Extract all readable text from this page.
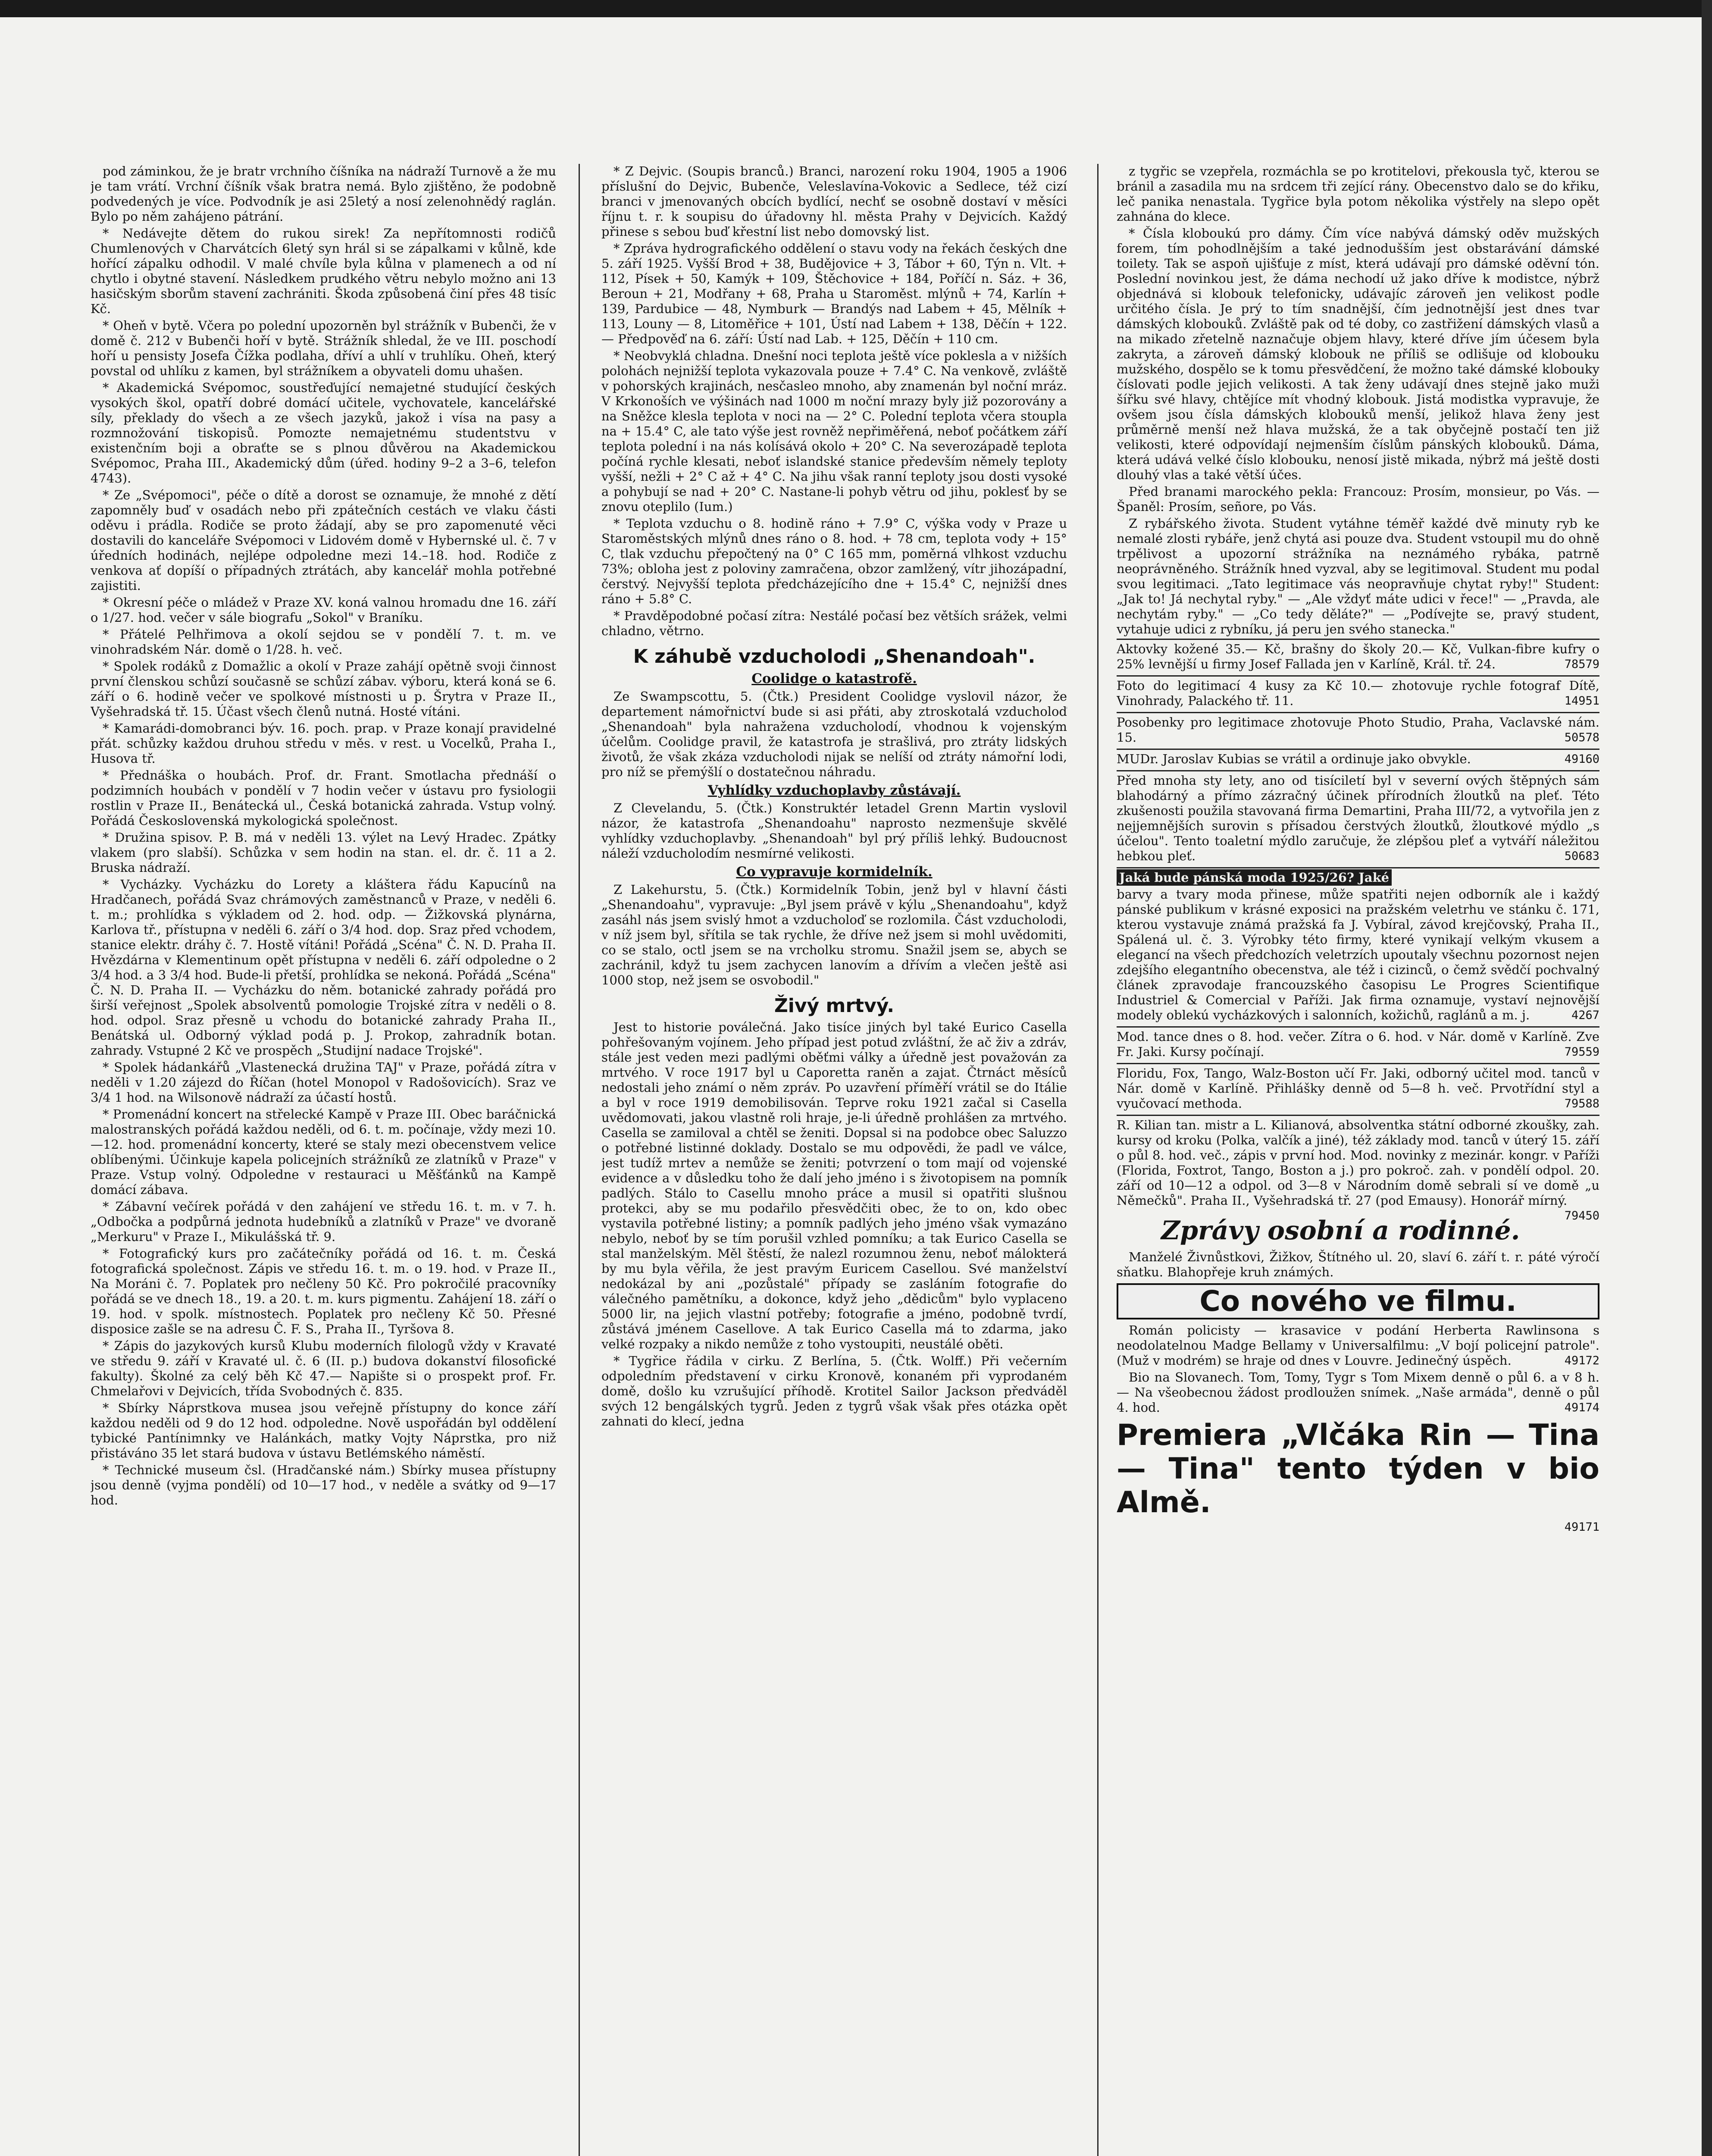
pod záminkou, že je bratr vrchního číšníka na nádraží Turnově a že mu je tam vrátí. Vrchní číšník však bratra nemá. Bylo zjištěno, že podobně podvedených je více. Podvodník je asi 25letý a nosí zelenohnědý raglán. Bylo po něm zahájeno pátrání.

* Nedávejte dětem do rukou sirek! Za nepřítomnosti rodičů Chumlenových v Charvátcích 6letý syn hrál si se zápalkami v kůlně, kde hořící zápalku odhodil. V malé chvíle byla kůlna v plamenech a od ní chytlo i obytné stavení. Následkem prudkého větru nebylo možno ani 13 hasičským sborům stavení zachrániti. Škoda způsobená činí přes 48 tisíc Kč.

* Oheň v bytě. Včera po polední upozorněn byl strážník v Bubenči, že v domě č. 212 v Bubenči hoří v bytě. Strážník shledal, že ve III. poschodí hoří u pensisty Josefa Čížka podlaha, dříví a uhlí v truhlíku. Oheň, který povstal od uhlíku z kamen, byl strážníkem a obyvateli domu uhašen.

* Akademická Svépomoc, soustřeďující nemajetné studující českých vysokých škol, opatří dobré domácí učitele, vychovatele, kancelářské síly, překlady do všech a ze všech jazyků, jakož i vísa na pasy a rozmnožování tiskopisů. Pomozte nemajetnému studentstvu v existenčním boji a obraťte se s plnou důvěrou na Akademickou Svépomoc, Praha III., Akademický dům (úřed. hodiny 9–2 a 3–6, telefon 4743).

* Ze „Svépomoci", péče o dítě a dorost se oznamuje, že mnohé z dětí zapomněly buď v osadách nebo při zpátečních cestách ve vlaku části oděvu i prádla. Rodiče se proto žádají, aby se pro zapomenuté věci dostavili do kanceláře Svépomoci v Lidovém domě v Hybernské ul. č. 7 v úředních hodinách, nejlépe odpoledne mezi 14.–18. hod. Rodiče z venkova ať dopíší o případných ztrátách, aby kancelář mohla potřebné zajistiti.

* Okresní péče o mládež v Praze XV. koná valnou hromadu dne 16. září o 1/27. hod. večer v sále biografu „Sokol" v Braníku.

* Přátelé Pelhřimova a okolí sejdou se v pondělí 7. t. m. ve vinohradském Nár. domě o 1/28. h. več.

* Spolek rodáků z Domažlic a okolí v Praze zahájí opětně svoji činnost první členskou schůzí současně se schůzí zábav. výboru, která koná se 6. září o 6. hodině večer ve spolkové místnosti u p. Šrytra v Praze II., Vyšehradská tř. 15. Účast všech členů nutná. Hosté vítáni.

* Kamarádi-domobranci býv. 16. poch. prap. v Praze konají pravidelné přát. schůzky každou druhou středu v měs. v rest. u Vocelků, Praha I., Husova tř.

* Přednáška o houbách. Prof. dr. Frant. Smotlacha přednáší o podzimních houbách v pondělí v 7 hodin večer v ústavu pro fysiologii rostlin v Praze II., Benátecká ul., Česká botanická zahrada. Vstup volný. Pořádá Československá mykologická společnost.

* Družina spisov. P. B. má v neděli 13. výlet na Levý Hradec. Zpátky vlakem (pro slabší). Schůzka v sem hodin na stan. el. dr. č. 11 a 2. Bruska nádraží.

* Vycházky. Vycházku do Lorety a kláštera řádu Kapucínů na Hradčanech, pořádá Svaz chrámových zaměstnanců v Praze, v neděli 6. t. m.; prohlídka s výkladem od 2. hod. odp. — Žižkovská plynárna, Karlova tř., přístupna v neděli 6. září o 3/4 hod. dop. Sraz před vchodem, stanice elektr. dráhy č. 7. Hostě vítáni! Pořádá „Scéna" Č. N. D. Praha II. Hvězdárna v Klementinum opět přístupna v neděli 6. září odpoledne o 2 3/4 hod. a 3 3/4 hod. Bude-li přetší, prohlídka se nekoná. Pořádá „Scéna" Č. N. D. Praha II. — Vycházku do něm. botanické zahrady pořádá pro širší veřejnost „Spolek absolventů pomologie Trojské zítra v neděli o 8. hod. odpol. Sraz přesně u vchodu do botanické zahrady Praha II., Benátská ul. Odborný výklad podá p. J. Prokop, zahradník botan. zahrady. Vstupné 2 Kč ve prospěch „Studijní nadace Trojské".

* Spolek hádankářů „Vlastenecká družina TAJ" v Praze, pořádá zítra v neděli v 1.20 zájezd do Říčan (hotel Monopol v Radošovicích). Sraz ve 3/4 1 hod. na Wilsonově nádraží za účastí hostů.

* Promenádní koncert na střelecké Kampě v Praze III. Obec baráčnická malostranských pořádá každou neděli, od 6. t. m. počínaje, vždy mezi 10.—12. hod. promenádní koncerty, které se staly mezi obecenstvem velice oblíbenými. Účinkuje kapela policejních strážníků ze zlatníků v Praze" v Praze. Vstup volný. Odpoledne v restauraci u Měšťánků na Kampě domácí zábava.

* Zábavní večírek pořádá v den zahájení ve středu 16. t. m. v 7. h. „Odbočka a podpůrná jednota hudebníků a zlatníků v Praze" ve dvoraně „Merkuru" v Praze I., Mikulášská tř. 9.

* Fotografický kurs pro začátečníky pořádá od 16. t. m. Česká fotografická společnost. Zápis ve středu 16. t. m. o 19. hod. v Praze II., Na Moráni č. 7. Poplatek pro nečleny 50 Kč. Pro pokročilé pracovníky pořádá se ve dnech 18., 19. a 20. t. m. kurs pigmentu. Zahájení 18. září o 19. hod. v spolk. místnostech. Poplatek pro nečleny Kč 50. Přesné disposice zašle se na adresu Č. F. S., Praha II., Tyršova 8.

* Zápis do jazykových kursů Klubu moderních filologů vždy v Kravaté ve středu 9. září v Kravaté ul. č. 6 (II. p.) budova dokanství filosofické fakulty). Školné za celý běh Kč 47.— Napište si o prospekt prof. Fr. Chmelařovi v Dejvicích, třída Svobodných č. 835.

* Sbírky Náprstkova musea jsou veřejně přístupny do konce září každou neděli od 9 do 12 hod. odpoledne. Nově uspořádán byl oddělení tybické Pantínimnky ve Halánkách, matky Vojty Náprstka, pro niž přistáváno 35 let stará budova v ústavu Betlémského náměstí.

* Technické museum čsl. (Hradčanské nám.) Sbírky musea přístupny jsou denně (vyjma pondělí) od 10—17 hod., v neděle a svátky od 9—17 hod.

* Z Dejvic. (Soupis branců.) Branci, narození roku 1904, 1905 a 1906 příslušní do Dejvic, Bubenče, Veleslavína-Vokovic a Sedlece, též cizí branci v jmenovaných obcích bydlící, nechť se osobně dostaví v měsíci říjnu t. r. k soupisu do úřadovny hl. města Prahy v Dejvicích. Každý přinese s sebou buď křestní list nebo domovský list.

* Zpráva hydrografického oddělení o stavu vody na řekách českých dne 5. září 1925. Vyšší Brod + 38, Budějovice + 3, Tábor + 60, Týn n. Vlt. + 112, Písek + 50, Kamýk + 109, Štěchovice + 184, Poříčí n. Sáz. + 36, Beroun + 21, Modřany + 68, Praha u Staroměst. mlýnů + 74, Karlín + 139, Pardubice — 48, Nymburk — Brandýs nad Labem + 45, Mělník + 113, Louny — 8, Litoměřice + 101, Ústí nad Labem + 138, Děčín + 122. — Předpověď na 6. září: Ústí nad Lab. + 125, Děčín + 110 cm.

* Neobvyklá chladna. Dnešní noci teplota ještě více poklesla a v nižších polohách nejnižší teplota vykazovala pouze + 7.4° C. Na venkově, zvláště v pohorských krajinách, nesčasleo mnoho, aby znamenán byl noční mráz. V Krkonoších ve výšinách nad 1000 m noční mrazy byly již pozorovány a na Sněžce klesla teplota v noci na — 2° C. Polední teplota včera stoupla na + 15.4° C, ale tato výše jest rovněž nepřiměřená, neboť počátkem září teplota polední i na nás kolísává okolo + 20° C. Na severozápadě teplota počíná rychle klesati, neboť islandské stanice především němely teploty vyšší, nežli + 2° C až + 4° C. Na jihu však ranní teploty jsou dosti vysoké a pohybují se nad + 20° C. Nastane-li pohyb větru od jihu, poklesť by se znovu oteplilo (Ium.)

* Teplota vzduchu o 8. hodině ráno + 7.9° C, výška vody v Praze u Staroměstských mlýnů dnes ráno o 8. hod. + 78 cm, teplota vody + 15° C, tlak vzduchu přepočtený na 0° C 165 mm, poměrná vlhkost vzduchu 73%; obloha jest z poloviny zamračena, obzor zamlžený, vítr jihozápadní, čerstvý. Nejvyšší teplota předcházejícího dne + 15.4° C, nejnižší dnes ráno + 5.8° C.

* Pravděpodobné počasí zítra: Nestálé počasí bez větších srážek, velmi chladno, větrno.

K záhubě vzducholodi „Shenandoah".
Coolidge o katastrofě.

Ze Swampscottu, 5. (Čtk.) President Coolidge vyslovil názor, že departement námořnictví bude si asi přáti, aby ztroskotalá vzducholoď „Shenandoah" byla nahražena vzducholodí, vhodnou k vojenským účelům. Coolidge pravil, že katastrofa je strašlivá, pro ztráty lidských životů, že však zkáza vzducholodi nijak se nelíší od ztráty námořní lodi, pro níž se přemýšlí o dostatečnou náhradu.

Vyhlídky vzduchoplavby zůstávají.

Z Clevelandu, 5. (Čtk.) Konstruktér letadel Grenn Martin vyslovil názor, že katastrofa „Shenandoahu" naprosto nezmenšuje skvělé vyhlídky vzduchoplavby. „Shenandoah" byl prý příliš lehký. Budoucnost náleží vzducholodím nesmírné velikosti.

Co vypravuje kormidelník.

Z Lakehurstu, 5. (Čtk.) Kormidelník Tobin, jenž byl v hlavní části „Shenandoahu", vypravuje: „Byl jsem právě v kýlu „Shenandoahu", když zasáhl nás jsem svislý hmot a vzducholoď se rozlomila. Část vzducholodi, v níž jsem byl, sřítila se tak rychle, že dříve než jsem si mohl uvědomiti, co se stalo, octl jsem se na vrcholku stromu. Snažil jsem se, abych se zachránil, když tu jsem zachycen lanovím a dřívím a vlečen ještě asi 1000 stop, než jsem se osvobodil."

Živý mrtvý.

Jest to historie poválečná. Jako tisíce jiných byl také Eurico Casella pohřešovaným vojínem. Jeho případ jest potud zvláštní, že ač živ a zdráv, stále jest veden mezi padlými oběťmi války a úředně jest považován za mrtvého. V roce 1917 byl u Caporetta raněn a zajat. Čtrnáct měsíců nedostali jeho známí o něm zpráv. Po uzavření příměří vrátil se do Itálie a byl v roce 1919 demobilisován. Teprve roku 1921 začal si Casella uvědomovati, jakou vlastně roli hraje, je-li úředně prohlášen za mrtvého. Casella se zamiloval a chtěl se ženiti. Dopsal si na podobce obec Saluzzo o potřebné listinné doklady. Dostalo se mu odpovědi, že padl ve válce, jest tudíž mrtev a nemůže se ženiti; potvrzení o tom mají od vojenské evidence a v důsledku toho že dalí jeho jméno i s životopisem na pomník padlých. Stálo to Casellu mnoho práce a musil si opatřiti slušnou protekci, aby se mu podařilo přesvědčiti obec, že to on, kdo obec vystavila potřebné listiny; a pomník padlých jeho jméno však vymazáno nebylo, neboť by se tím porušil vzhled pomníku; a tak Eurico Casella se stal manželským. Měl štěstí, že nalezl rozumnou ženu, neboť málokterá by mu byla věřila, že jest pravým Euricem Casellou. Své manželství nedokázal by ani „pozůstalé" případy se zasláním fotografie do válečného pamětníku, a dokonce, když jeho „dědicům" bylo vyplaceno 5000 lir, na jejich vlastní potřeby; fotografie a jméno, podobně tvrdí, zůstává jménem Casellove. A tak Eurico Casella má to zdarma, jako velké rozpaky a nikdo nemůže z toho vystoupiti, neustálé oběti.

* Tygřice řádila v cirku. Z Berlína, 5. (Čtk. Wolff.) Při večerním odpoledním představení v cirku Kronově, konaném při vyprodaném domě, došlo ku vzrušující příhodě. Krotitel Sailor Jackson předváděl svých 12 bengálských tygrů. Jeden z tygrů však však přes otázka opět zahnati do klecí, jedna

z tygřic se vzepřela, rozmáchla se po krotitelovi, překousla tyč, kterou se bránil a zasadila mu na srdcem tři zející rány. Obecenstvo dalo se do křiku, leč panika nenastala. Tygřice byla potom několika výstřely na slepo opět zahnána do klece.

* Čísla kloboukú pro dámy. Čím více nabývá dámský oděv mužských forem, tím pohodlnějším a také jednodušším jest obstarávání dámské toilety. Tak se aspoň ujišťuje z míst, která udávají pro dámské oděvní tón. Poslední novinkou jest, že dáma nechodí už jako dříve k modistce, nýbrž objednává si klobouk telefonicky, udávajíc zároveň jen velikost podle určitého čísla. Je prý to tím snadnější, čím jednotnější jest dnes tvar dámských klobouků. Zvláště pak od té doby, co zastřižení dámských vlasů a na mikado zřetelně naznačuje objem hlavy, které dříve jím účesem byla zakryta, a zároveň dámský klobouk ne příliš se odlišuje od klobouku mužského, dospělo se k tomu přesvědčení, že možno také dámské klobouky číslovati podle jejich velikosti. A tak ženy udávají dnes stejně jako muži šířku své hlavy, chtějíce mít vhodný klobouk. Jistá modistka vypravuje, že ovšem jsou čísla dámských klobouků menší, jelikož hlava ženy jest průměrně menší než hlava mužská, že a tak obyčejně postačí ten již velikosti, které odpovídají nejmenším číslům pánských klobouků. Dáma, která udává velké číslo klobouku, nenosí jistě mikada, nýbrž má ještě dosti dlouhý vlas a také větší účes.

Před branami marockého pekla: Francouz: Prosím, monsieur, po Vás. — Španěl: Prosím, señore, po Vás.

Z rybářského života. Student vytáhne téměř každé dvě minuty ryb ke nemalé zlosti rybáře, jenž chytá asi pouze dva. Student vstoupil mu do ohně trpělivost a upozorní strážníka na neznámého rybáka, patrně neoprávněného. Strážník hned vyzval, aby se legitimoval. Student mu podal svou legitimaci. „Tato legitimace vás neopravňuje chytat ryby!" Student: „Jak to! Já nechytal ryby." — „Ale vždyť máte udici v řece!" — „Pravda, ale nechytám ryby." — „Co tedy děláte?" — „Podívejte se, pravý student, vytahuje udici z rybníku, já peru jen svého stanecka."

Aktovky kožené 35.— Kč, brašny do školy 20.— Kč, Vulkan-fibre kufry o 25% levnější u firmy Josef Fallada jen v Karlíně, Král. tř. 24.	78579

Foto do legitimací 4 kusy za Kč 10.— zhotovuje rychle fotograf Dítě, Vinohrady, Palackého tř. 11.	14951

Posobenky pro legitimace zhotovuje Photo Studio, Praha, Vaclavské nám. 15.	50578

MUDr. Jaroslav Kubias se vrátil a ordinuje jako obvykle.	49160

Před mnoha sty lety, ano od tisíciletí byl v severní ových štěpných sám blahodárný a přímo zázračný účinek přírodních žloutků na pleť. Této zkušenosti použila stavovaná firma Demartini, Praha III/72, a vytvořila jen z nejjemnějších surovin s přísadou čerstvých žloutků, žloutkové mýdlo „s účelou". Tento toaletní mýdlo zaručuje, že zlépšou pleť a vytváří náležitou hebkou pleť.	50683

Jaká bude pánská moda 1925/26? Jaké

barvy a tvary moda přinese, může spatřiti nejen odborník ale i každý pánské publikum v krásné exposici na pražském veletrhu ve stánku č. 171, kterou vystavuje známá pražská fa J. Vybíral, závod krejčovský, Praha II., Spálená ul. č. 3. Výrobky této firmy, které vynikají velkým vkusem a elegancí na všech předchozích veletrzích upoutaly všechnu pozornost nejen zdejšího elegantního obecenstva, ale též i cizinců, o čemž svědčí pochvalný článek zpravodaje francouzského časopisu Le Progres Scientifique Industriel & Comercial v Paříži. Jak firma oznamuje, vystaví nejnovější modely oblekú vycházkových i salonních, kožichů, raglánů a m. j.	4267

Mod. tance dnes o 8. hod. večer. Zítra o 6. hod. v Nár. domě v Karlíně. Zve Fr. Jaki. Kursy počínají.	79559

Floridu, Fox, Tango, Walz-Boston učí Fr. Jaki, odborný učitel mod. tanců v Nár. domě v Karlíně. Přihlášky denně od 5—8 h. več. Prvotřídní styl a vyučovací methoda.	79588

R. Kilian tan. mistr a L. Kilianová, absolventka státní odborné zkoušky, zah. kursy od kroku (Polka, valčík a jiné), též základy mod. tanců v úterý 15. září o půl 8. hod. več., zápis v první hod. Mod. novinky z mezinár. kongr. v Paříži (Florida, Foxtrot, Tango, Boston a j.) pro pokroč. zah. v pondělí odpol. 20. září od 10—12 a odpol. od 3—8 v Národním domě sebrali sí ve domě „u Němečků". Praha II., Vyšehradská tř. 27 (pod Emausy). Honorář mírný.
79450

Zprávy osobní a rodinné.

Manželé Živnůstkovi, Žižkov, Štítného ul. 20, slaví 6. září t. r. páté výročí sňatku. Blahopřeje kruh známých.

Co nového ve filmu.

Román policisty — krasavice v podání Herberta Rawlinsona s neodolatelnou Madge Bellamy v Universalfilmu: „V bojí policejní patrole". (Muž v modrém) se hraje od dnes v Louvre. Jedinečný úspěch.	49172

Bio na Slovanech. Tom, Tomy, Tygr s Tom Mixem denně o půl 6. a v 8 h. — Na všeobecnou žádost prodloužen snímek. „Naše armáda", denně o půl 4. hod.	49174

Premiera „Vlčáka Rin — Tina — Tina" tento týden v bio Almě.

49171
